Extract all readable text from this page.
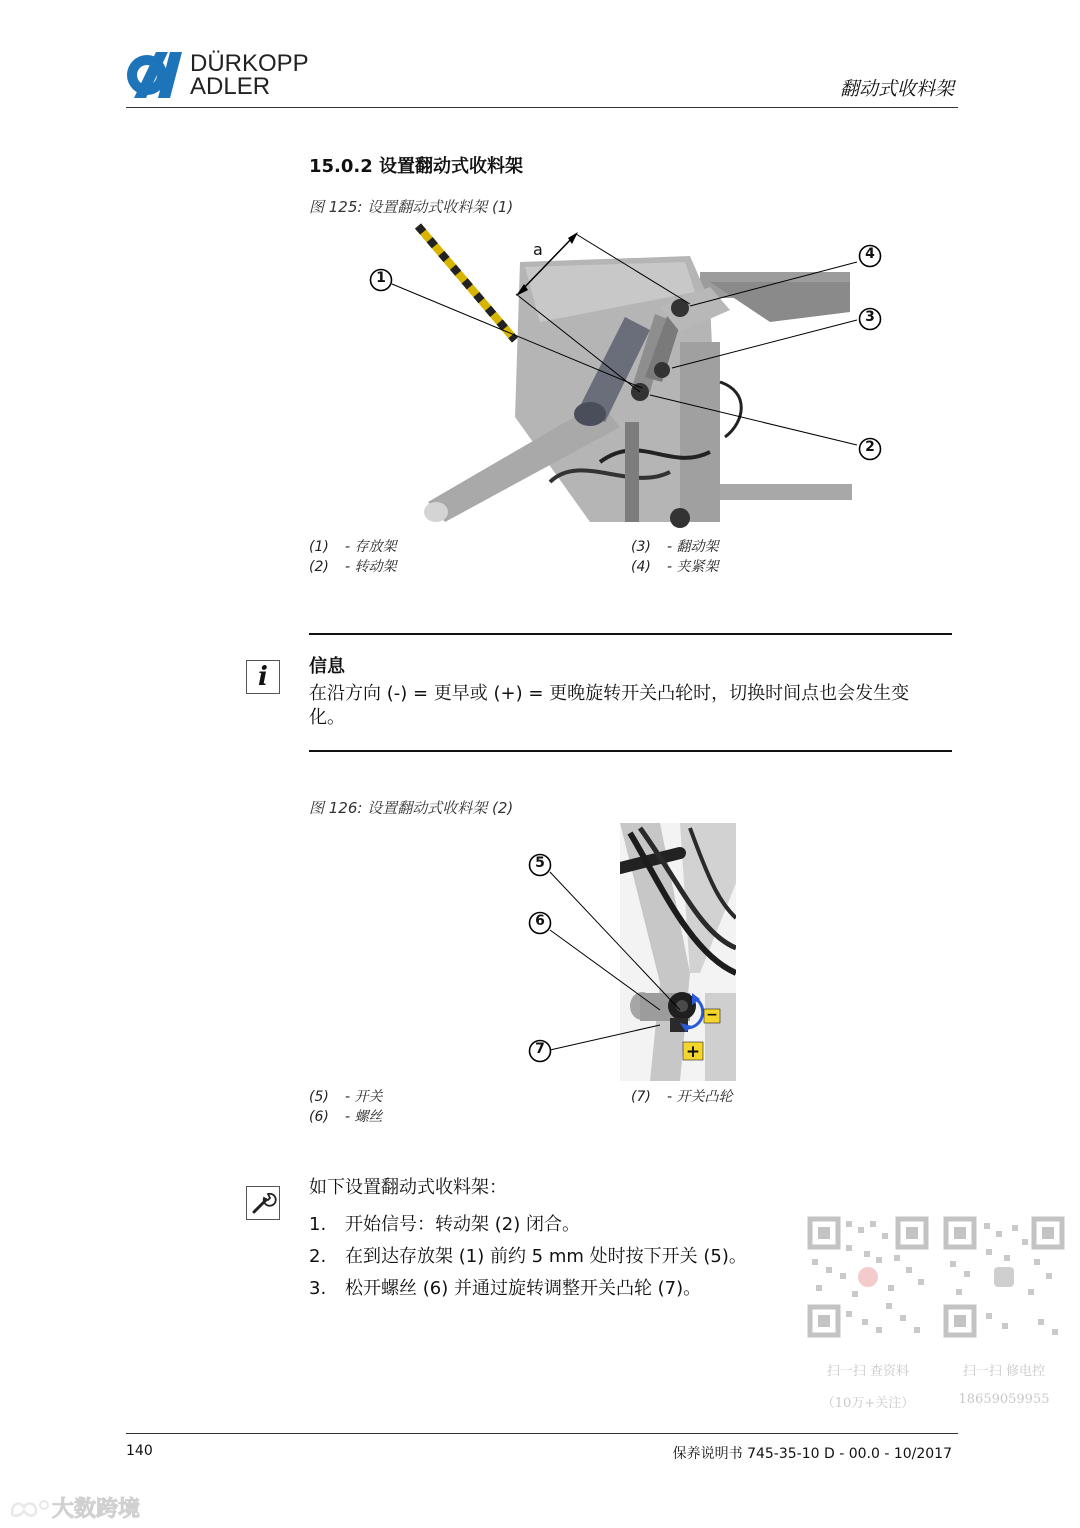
DÜRKOPP
ADLER	翻动式收料架
15.0.2 设置翻动式收料架
图 125: 设置翻动式收料架 (1)
a
1
4
3
2
(1) - 存放架
(2) - 转动架
(3) - 翻动架
(4) - 夹紧架
i 信息
在沿方向 (-) = 更早或 (+) = 更晚旋转开关凸轮时，切换时间点也会发生变化。
图 126: 设置翻动式收料架 (2)
−
+
5
6
7
(5) - 开关
(6) - 螺丝
(7) - 开关凸轮
如下设置翻动式收料架：
1. 开始信号：转动架 (2) 闭合。
2. 在到达存放架 (1) 前约 5 mm 处时按下开关 (5)。
3. 松开螺丝 (6) 并通过旋转调整开关凸轮 (7)。
扫一扫 查资料
（10万+关注）
扫一扫 修电控
18659059955
140	保养说明书 745-35-10 D - 00.0 - 10/2017
大数跨境
